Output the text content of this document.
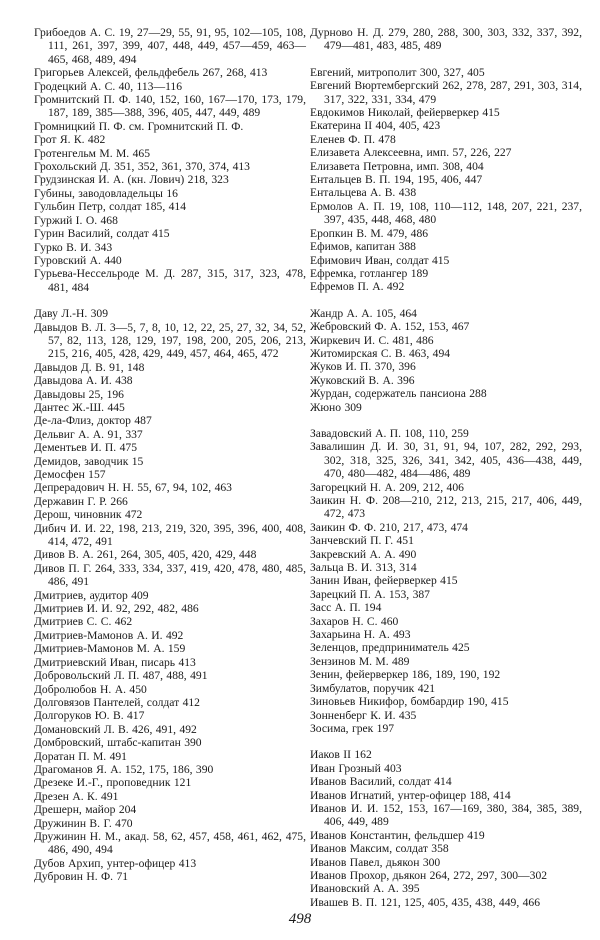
Грибоедов А. С. 19, 27—29, 55, 91, 95, 102—105, 108, 111, 261, 397, 399, 407, 448, 449, 457—459, 463—465, 468, 489, 494
Григорьев Алексей, фельдфебель 267, 268, 413
Гродецкий А. С. 40, 113—116
Громнитский П. Ф. 140, 152, 160, 167—170, 173, 179, 187, 189, 385—388, 396, 405, 447, 449, 489
Громницкий П. Ф. см. Громнитский П. Ф.
Грот Я. К. 482
Гротенгельм М. М. 465
Грохольский Д. 351, 352, 361, 370, 374, 413
Грудзинская И. А. (кн. Лович) 218, 323
Губины, заводовладельцы 16
Гульбин Петр, солдат 185, 414
Гуржий І. О. 468
Гурин Василий, солдат 415
Гурко В. И. 343
Гуровский А. 440
Гурьева-Нессельроде М. Д. 287, 315, 317, 323, 478, 481, 484
Даву Л.-Н. 309
Давыдов В. Л. 3—5, 7, 8, 10, 12, 22, 25, 27, 32, 34, 52, 57, 82, 113, 128, 129, 197, 198, 200, 205, 206, 213, 215, 216, 405, 428, 429, 449, 457, 464, 465, 472
Давыдов Д. В. 91, 148
Давыдова А. И. 438
Давыдовы 25, 196
Дантес Ж.-Ш. 445
Де-ла-Флиз, доктор 487
Дельвиг А. А. 91, 337
Дементьев И. П. 475
Демидов, заводчик 15
Демосфен 157
Депрерадович Н. Н. 55, 67, 94, 102, 463
Державин Г. Р. 266
Дерош, чиновник 472
Дибич И. И. 22, 198, 213, 219, 320, 395, 396, 400, 408, 414, 472, 491
Дивов В. А. 261, 264, 305, 405, 420, 429, 448
Дивов П. Г. 264, 333, 334, 337, 419, 420, 478, 480, 485, 486, 491
Дмитриев, аудитор 409
Дмитриев И. И. 92, 292, 482, 486
Дмитриев С. С. 462
Дмитриев-Мамонов А. И. 492
Дмитриев-Мамонов М. А. 159
Дмитриевский Иван, писарь 413
Добровольский Л. П. 487, 488, 491
Добролюбов Н. А. 450
Долговязов Пантелей, солдат 412
Долгоруков Ю. В. 417
Домановский Л. В. 426, 491, 492
Домбровский, штабс-капитан 390
Доратан П. М. 491
Драгоманов Я. А. 152, 175, 186, 390
Дрезеке И.-Г., проповедник 121
Дрезен А. К. 491
Дрешерн, майор 204
Дружинин В. Г. 470
Дружинин Н. М., акад. 58, 62, 457, 458, 461, 462, 475, 486, 490, 494
Дубов Архип, унтер-офицер 413
Дубровин Н. Ф. 71
Дурново Н. Д. 279, 280, 288, 300, 303, 332, 337, 392, 479—481, 483, 485, 489
Евгений, митрополит 300, 327, 405
Евгений Вюртембергский 262, 278, 287, 291, 303, 314, 317, 322, 331, 334, 479
Евдокимов Николай, фейерверкер 415
Екатерина II 404, 405, 423
Еленев Ф. П. 478
Елизавета Алексеевна, имп. 57, 226, 227
Елизавета Петровна, имп. 308, 404
Ентальцев В. П. 194, 195, 406, 447
Ентальцева А. В. 438
Ермолов А. П. 19, 108, 110—112, 148, 207, 221, 237, 397, 435, 448, 468, 480
Еропкин В. М. 479, 486
Ефимов, капитан 388
Ефимович Иван, солдат 415
Ефремка, готлангер 189
Ефремов П. А. 492
Жандр А. А. 105, 464
Жебровский Ф. А. 152, 153, 467
Жиркевич И. С. 481, 486
Житомирская С. В. 463, 494
Жуков И. П. 370, 396
Жуковский В. А. 396
Журдан, содержатель пансиона 288
Жюно 309
Завадовский А. П. 108, 110, 259
Завалишин Д. И. 30, 31, 91, 94, 107, 282, 292, 293, 302, 318, 325, 326, 341, 342, 405, 436—438, 449, 470, 480—482, 484—486, 489
Загорецкий Н. А. 209, 212, 406
Заикин Н. Ф. 208—210, 212, 213, 215, 217, 406, 449, 472, 473
Заикин Ф. Ф. 210, 217, 473, 474
Занчевский П. Г. 451
Закревский А. А. 490
Зальца В. И. 313, 314
Занин Иван, фейерверкер 415
Зарецкий П. А. 153, 387
Засс А. П. 194
Захаров Н. С. 460
Захарьина Н. А. 493
Зеленцов, предприниматель 425
Зензинов М. М. 489
Зенин, фейерверкер 186, 189, 190, 192
Зимбулатов, поручик 421
Зиновьев Никифор, бомбардир 190, 415
Зонненберг К. И. 435
Зосима, грек 197
Иаков II 162
Иван Грозный 403
Иванов Василий, солдат 414
Иванов Игнатий, унтер-офицер 188, 414
Иванов И. И. 152, 153, 167—169, 380, 384, 385, 389, 406, 449, 489
Иванов Константин, фельдшер 419
Иванов Максим, солдат 358
Иванов Павел, дьякон 300
Иванов Прохор, дьякон 264, 272, 297, 300—302
Ивановский А. А. 395
Ивашев В. П. 121, 125, 405, 435, 438, 449, 466
498
